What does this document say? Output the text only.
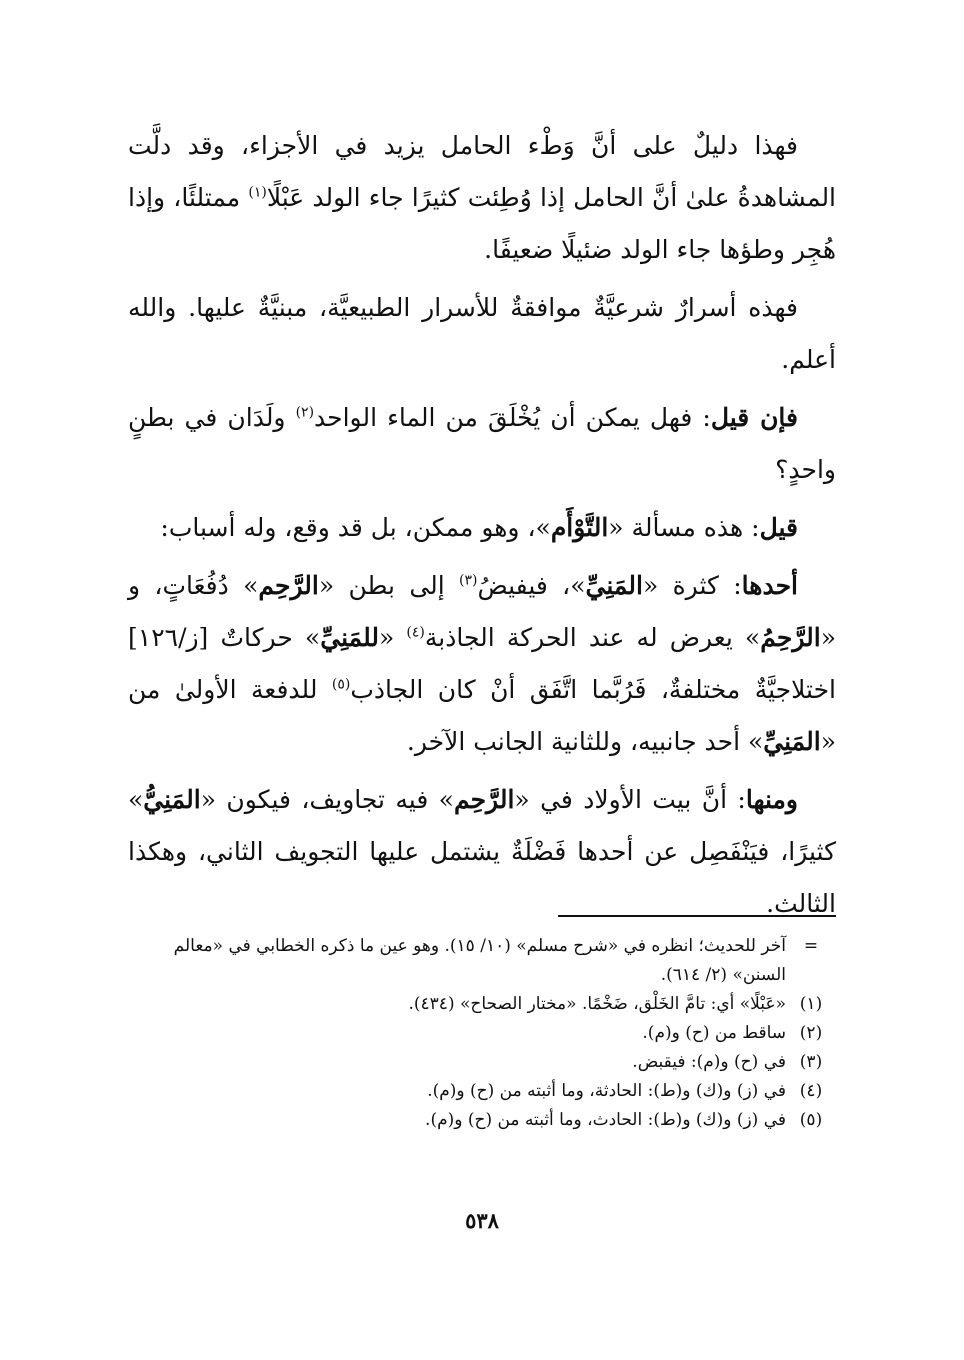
فهذا دليلٌ على أنَّ وَطْء الحامل يزيد في الأجزاء، وقد دلَّت المشاهدةُ علىٰ أنَّ الحامل إذا وُطِئت كثيرًا جاء الولد عَبْلًا$^{(١)}$ ممتلئًا، وإذا هُجِر وطؤها جاء الولد ضئيلًا ضعيفًا.

فهذه أسرارٌ شرعيَّةٌ موافقةٌ للأسرار الطبيعيَّة، مبنيَّةٌ عليها. والله أعلم.

فإن قيل: فهل يمكن أن يُخْلَقَ من الماء الواحد$^{(٢)}$ ولَدَان في بطنٍ واحدٍ؟

قيل: هذه مسألة «التَّوْأَم»، وهو ممكن، بل قد وقع، وله أسباب:

أحدها: كثرة «المَنِيِّ»، فيفيضُ$^{(٣)}$ إلى بطن «الرَّحِم» دُفُعَاتٍ، و «الرَّحِمُ» يعرض له عند الحركة الجاذبة$^{(٤)}$ «للمَنِيِّ» حركاتٌ [ز/١٢٦] اختلاجيَّةٌ مختلفةٌ، فَرُبَّما اتَّفَق أنْ كان الجاذب$^{(٥)}$ للدفعة الأولىٰ من «المَنِيِّ» أحد جانبيه، وللثانية الجانب الآخر.

ومنها: أنَّ بيت الأولاد في «الرَّحِم» فيه تجاويف، فيكون «المَنِيُّ» كثيرًا، فيَنْفَصِل عن أحدها فَضْلَةٌ يشتمل عليها التجويف الثاني، وهكذا الثالث.

=
آخر للحديث؛ انظره في «شرح مسلم» (١٠/ ١٥). وهو عين ما ذكره الخطابي في «معالم السنن» (٢/ ٦١٤).
(١)
«عَبْلًا» أي: تامَّ الخَلْق، ضَخْمًا. «مختار الصحاح» (٤٣٤).
(٢)
ساقط من (ح) و(م).
(٣)
في (ح) و(م): فيقبض.
(٤)
في (ز) و(ك) و(ط): الحادثة، وما أثبته من (ح) و(م).
(٥)
في (ز) و(ك) و(ط): الحادث، وما أثبته من (ح) و(م).
٥٣٨
